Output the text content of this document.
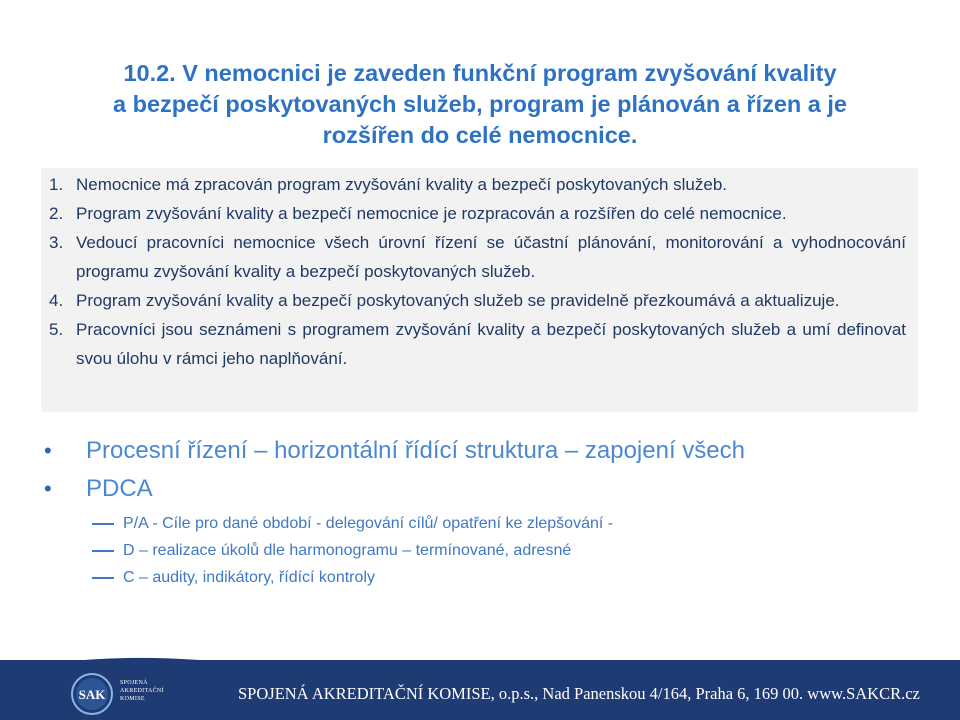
10.2. V nemocnici je zaveden funkční program zvyšování kvality
a bezpečí poskytovaných služeb, program je plánován a řízen a je
rozšířen do celé nemocnice.
1. Nemocnice má zpracován program zvyšování kvality a bezpečí poskytovaných služeb.
2. Program zvyšování kvality a bezpečí nemocnice je rozpracován a rozšířen do celé nemocnice.
3. Vedoucí pracovníci nemocnice všech úrovní řízení se účastní plánování, monitorování a vyhodnocování programu zvyšování kvality a bezpečí poskytovaných služeb.
4. Program zvyšování kvality a bezpečí poskytovaných služeb se pravidelně přezkoumává a aktualizuje.
5. Pracovníci jsou seznámeni s programem zvyšování kvality a bezpečí poskytovaných služeb a umí definovat svou úlohu v rámci jeho naplňování.
•	Procesní řízení – horizontální řídící struktura – zapojení všech
•	PDCA
P/A - Cíle pro dané období - delegování cílů/ opatření ke zlepšování -
D – realizace úkolů dle harmonogramu – termínované, adresné
C – audity, indikátory, řídící kontroly
SAK
SPOJENÁ
AKREDITAČNÍ
KOMISE	SPOJENÁ AKREDITAČNÍ KOMISE, o.p.s., Nad Panenskou 4/164, Praha 6, 169 00. www.SAKCR.cz
